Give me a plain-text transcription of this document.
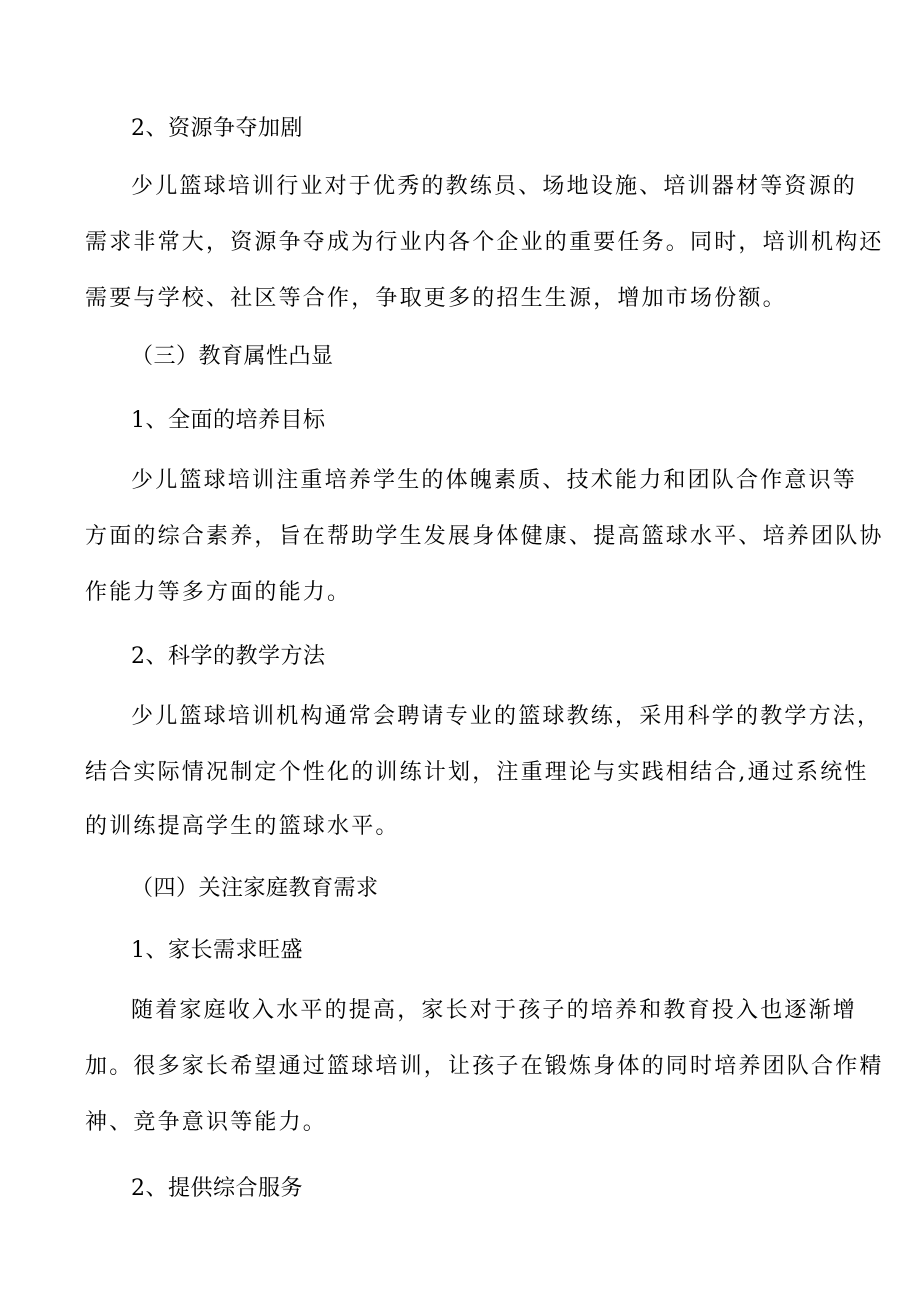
2、资源争夺加剧
少儿篮球培训行业对于优秀的教练员、场地设施、培训器材等资源的
需求非常大，资源争夺成为行业内各个企业的重要任务。同时，培训机构还
需要与学校、社区等合作，争取更多的招生生源，增加市场份额。
（三）教育属性凸显
1、全面的培养目标
少儿篮球培训注重培养学生的体魄素质、技术能力和团队合作意识等
方面的综合素养，旨在帮助学生发展身体健康、提高篮球水平、培养团队协
作能力等多方面的能力。
2、科学的教学方法
少儿篮球培训机构通常会聘请专业的篮球教练，采用科学的教学方法，
结合实际情况制定个性化的训练计划，注重理论与实践相结合,通过系统性
的训练提高学生的篮球水平。
（四）关注家庭教育需求
1、家长需求旺盛
随着家庭收入水平的提高，家长对于孩子的培养和教育投入也逐渐增
加。很多家长希望通过篮球培训，让孩子在锻炼身体的同时培养团队合作精
神、竞争意识等能力。
2、提供综合服务
